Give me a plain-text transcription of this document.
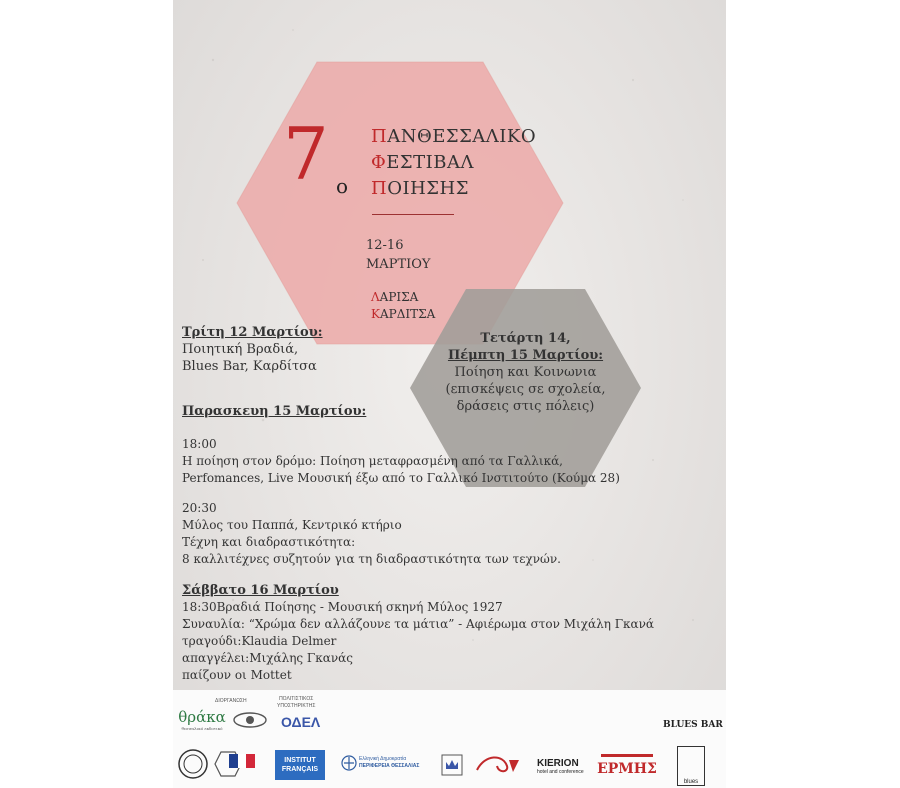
7 ο
ΠΑΝΘΕΣΣΑΛΙΚΟ
ΦΕΣΤΙΒΑΛ
ΠΟΙΗΣΗΣ
12-16
ΜΑΡΤΙΟΥ
ΛΑΡΙΣΑ
ΚΑΡΔΙΤΣΑ
Τρίτη 12 Μαρτίου:
Ποιητική Βραδιά,
Blues Bar, Καρδίτσα
Τετάρτη 14,
Πέμπτη 15 Μαρτίου:
Ποίηση και Κοινωνια
(επισκέψεις σε σχολεία,
δράσεις στις πόλεις)
Παρασκευη 15 Μαρτίου:
18:00
Η ποίηση στον δρόμο: Ποίηση μεταφρασμένη από τα Γαλλικά,
Perfomances, Live Μουσική έξω από το Γαλλικό Ινστιτούτο (Κούμα 28)
20:30
Μύλος του Παππά, Κεντρικό κτήριο
Τέχνη και διαδραστικότητα:
8 καλλιτέχνες συζητούν για τη διαδραστικότητα των τεχνών.
Σάββατο 16 Μαρτίου
18:30Βραδιά Ποίησης - Μουσική σκηνή Μύλος 1927
Συναυλία: “Χρώμα δεν αλλάζουνε τα μάτια” - Αφιέρωμα στον Μιχάλη Γκανά
τραγούδι:Klaudia Delmer
απαγγέλει:Μιχάλης Γκανάς
παίζουν οι Mottet
ΔΙΟΡΓΑΝΩΣΗ	ΠΟΛΙΤΙΣΤΙΚΟΣ
ΥΠΟΣΤΗΡΙΚΤΗΣ
θράκα
θεσσαλικό εκδοτικό	ΟΔΕΛ	BLUES BAR
INSTITUT
FRANÇAIS
Ελληνική Δημοκρατία
ΠΕΡΙΦΕΡΕΙΑ ΘΕΣΣΑΛΙΑΣ	KIERION
hotel and conference ΕΡΜΗΣ
blues
